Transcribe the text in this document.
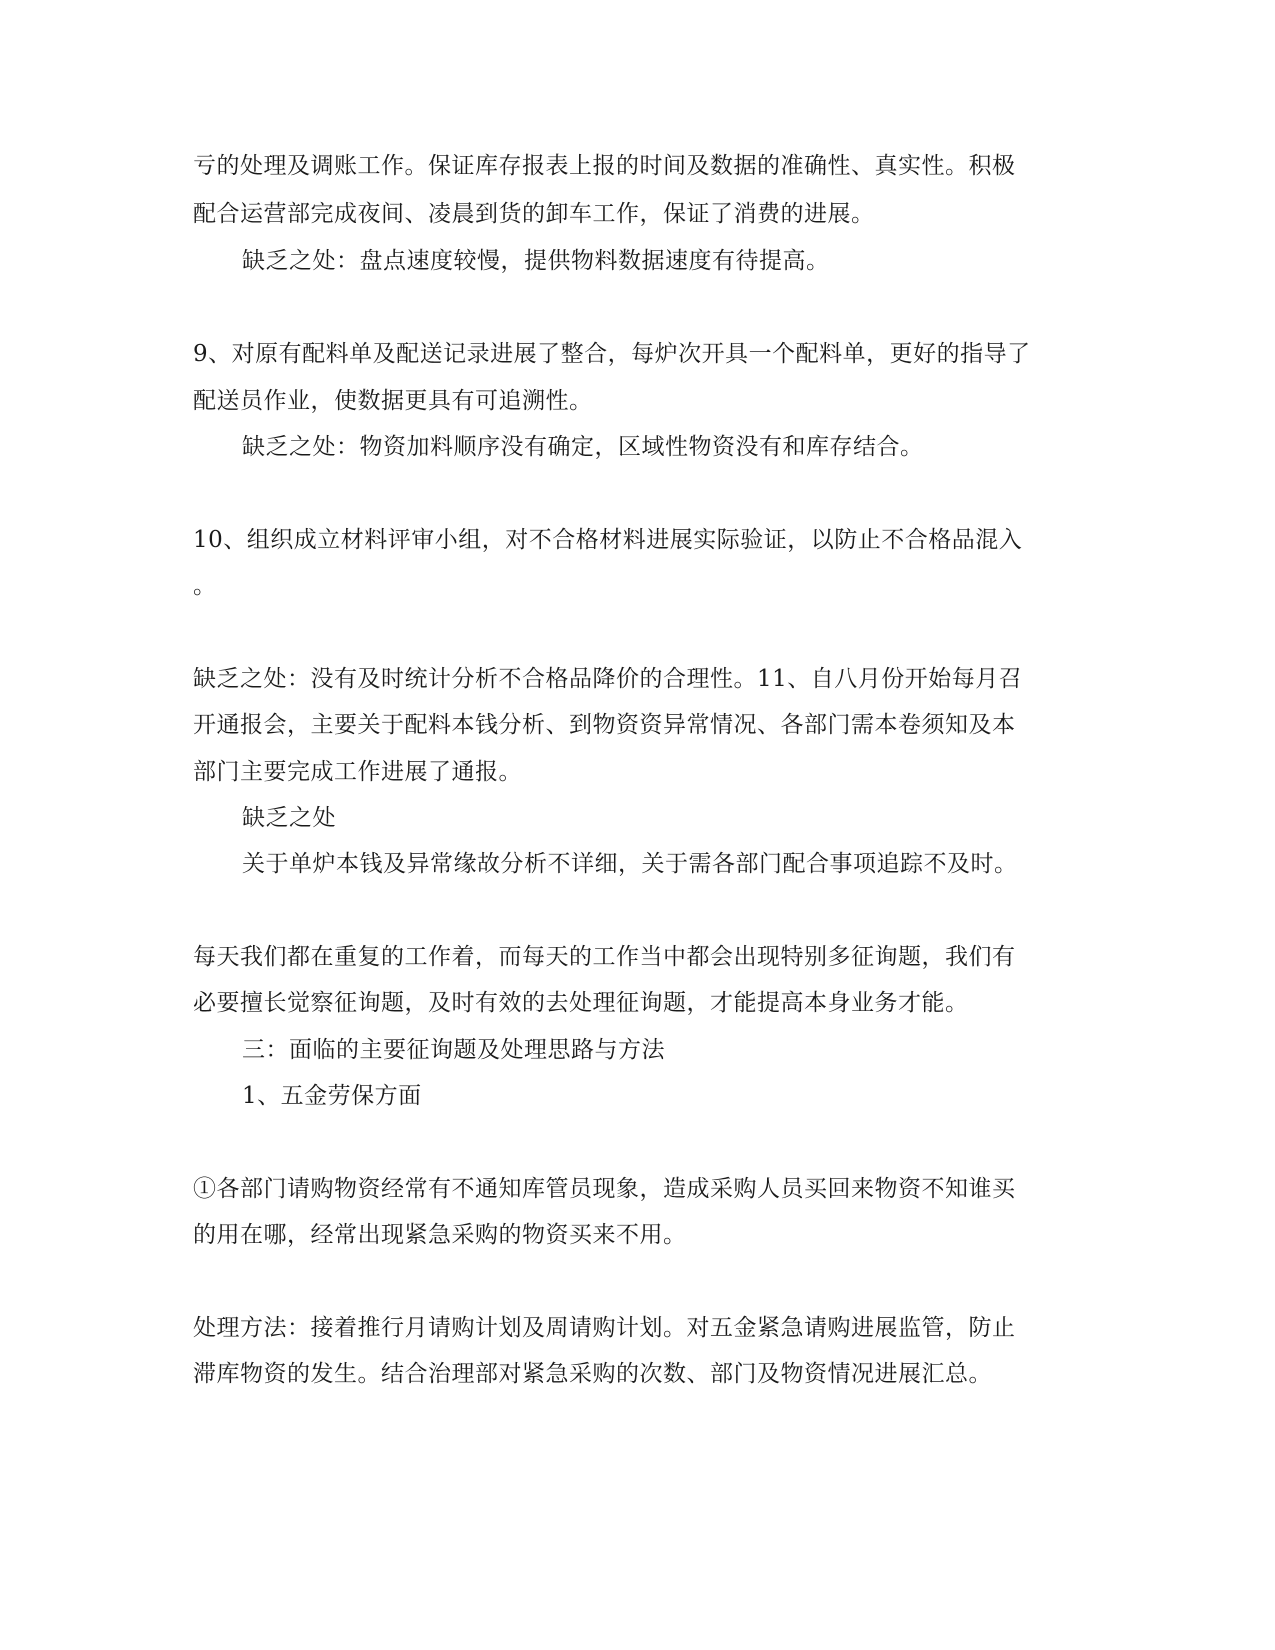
亏的处理及调账工作。保证库存报表上报的时间及数据的准确性、真实性。积极
配合运营部完成夜间、凌晨到货的卸车工作，保证了消费的进展。
缺乏之处：盘点速度较慢，提供物料数据速度有待提高。
9、对原有配料单及配送记录进展了整合，每炉次开具一个配料单，更好的指导了
配送员作业，使数据更具有可追溯性。
缺乏之处：物资加料顺序没有确定，区域性物资没有和库存结合。
10、组织成立材料评审小组，对不合格材料进展实际验证，以防止不合格品混入
。
缺乏之处：没有及时统计分析不合格品降价的合理性。11、自八月份开始每月召
开通报会，主要关于配料本钱分析、到物资资异常情况、各部门需本卷须知及本
部门主要完成工作进展了通报。
缺乏之处
关于单炉本钱及异常缘故分析不详细，关于需各部门配合事项追踪不及时。
每天我们都在重复的工作着，而每天的工作当中都会出现特别多征询题，我们有
必要擅长觉察征询题，及时有效的去处理征询题，才能提高本身业务才能。
三：面临的主要征询题及处理思路与方法
1、五金劳保方面
①各部门请购物资经常有不通知库管员现象，造成采购人员买回来物资不知谁买
的用在哪，经常出现紧急采购的物资买来不用。
处理方法：接着推行月请购计划及周请购计划。对五金紧急请购进展监管，防止
滞库物资的发生。结合治理部对紧急采购的次数、部门及物资情况进展汇总。
